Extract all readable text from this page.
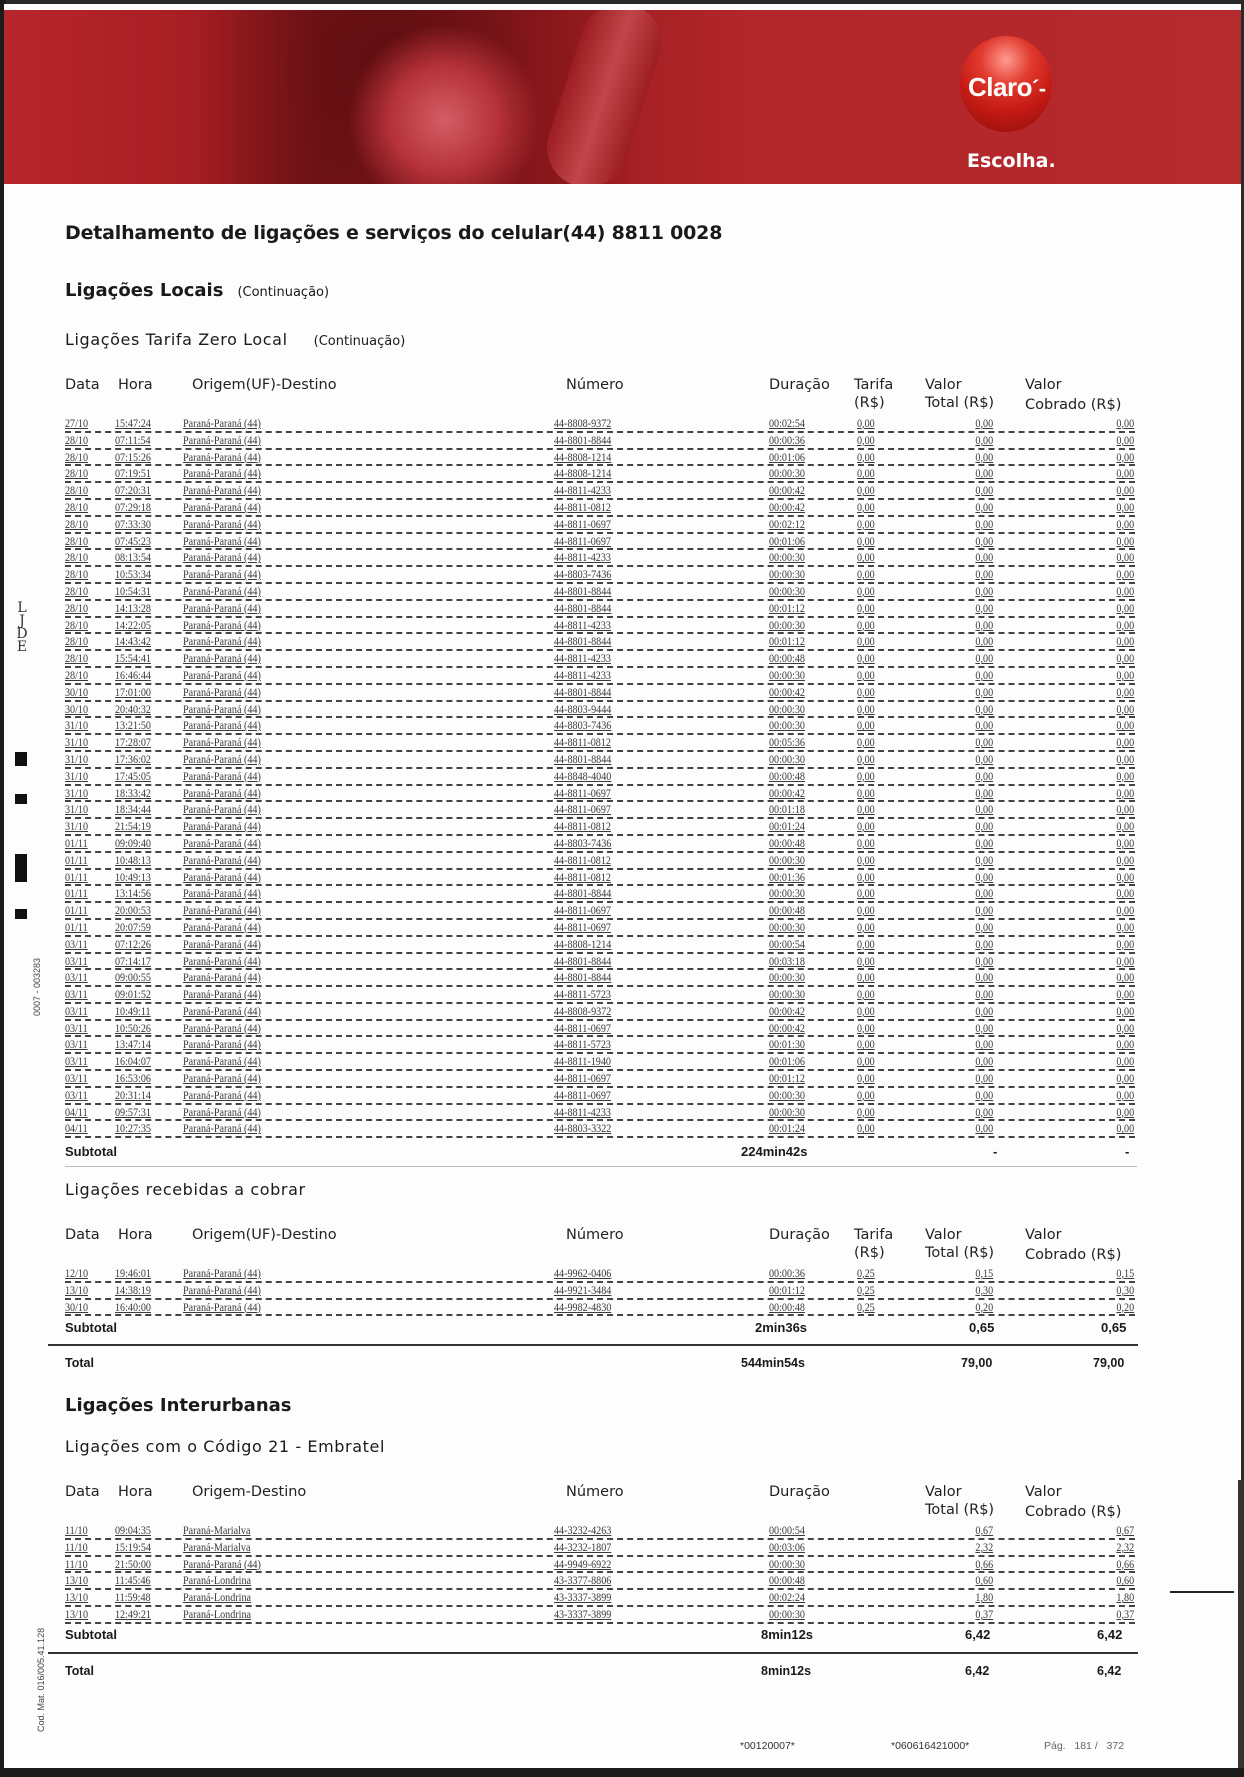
Claro´-
Escolha.
Detalhamento de ligações e serviços do celular(44) 8811 0028
Ligações Locais (Continuação)
Ligações Tarifa Zero Local (Continuação)
Data Hora	Origem(UF)-Destino	Número	Duração Tarifa
(R$)
Valor
Total (R$)
Valor
Cobrado (R$)
27/10 15:47:24	Paraná-Paraná (44)	44-8808-9372	00:02:54	0,00	0,00	0,00
28/10 07:11:54	Paraná-Paraná (44)	44-8801-8844	00:00:36	0,00	0,00	0,00
28/10 07:15:26	Paraná-Paraná (44)	44-8808-1214	00:01:06	0,00	0,00	0,00
28/10 07:19:51	Paraná-Paraná (44)	44-8808-1214	00:00:30	0,00	0,00	0,00
28/10 07:20:31	Paraná-Paraná (44)	44-8811-4233	00:00:42	0,00	0,00	0,00
28/10 07:29:18	Paraná-Paraná (44)	44-8811-0812	00:00:42	0,00	0,00	0,00
28/10 07:33:30	Paraná-Paraná (44)	44-8811-0697	00:02:12	0,00	0,00	0,00
28/10 07:45:23	Paraná-Paraná (44)	44-8811-0697	00:01:06	0,00	0,00	0,00
28/10 08:13:54	Paraná-Paraná (44)	44-8811-4233	00:00:30	0,00	0,00	0,00
28/10 10:53:34	Paraná-Paraná (44)	44-8803-7436	00:00:30	0,00	0,00	0,00
28/10 10:54:31	Paraná-Paraná (44)	44-8801-8844	00:00:30	0,00	0,00	0,00
28/10 14:13:28	Paraná-Paraná (44)	44-8801-8844	00:01:12	0,00	0,00	0,00
28/10 14:22:05	Paraná-Paraná (44)	44-8811-4233	00:00:30	0,00	0,00	0,00
28/10 14:43:42	Paraná-Paraná (44)	44-8801-8844	00:01:12	0,00	0,00	0,00
28/10 15:54:41	Paraná-Paraná (44)	44-8811-4233	00:00:48	0,00	0,00	0,00
28/10 16:46:44	Paraná-Paraná (44)	44-8811-4233	00:00:30	0,00	0,00	0,00
30/10 17:01:00	Paraná-Paraná (44)	44-8801-8844	00:00:42	0,00	0,00	0,00
30/10 20:40:32	Paraná-Paraná (44)	44-8803-9444	00:00:30	0,00	0,00	0,00
31/10 13:21:50	Paraná-Paraná (44)	44-8803-7436	00:00:30	0,00	0,00	0,00
31/10 17:28:07	Paraná-Paraná (44)	44-8811-0812	00:05:36	0,00	0,00	0,00
31/10 17:36:02	Paraná-Paraná (44)	44-8801-8844	00:00:30	0,00	0,00	0,00
31/10 17:45:05	Paraná-Paraná (44)	44-8848-4040	00:00:48	0,00	0,00	0,00
31/10 18:33:42	Paraná-Paraná (44)	44-8811-0697	00:00:42	0,00	0,00	0,00
31/10 18:34:44	Paraná-Paraná (44)	44-8811-0697	00:01:18	0,00	0,00	0,00
31/10 21:54:19	Paraná-Paraná (44)	44-8811-0812	00:01:24	0,00	0,00	0,00
01/11 09:09:40	Paraná-Paraná (44)	44-8803-7436	00:00:48	0,00	0,00	0,00
01/11 10:48:13	Paraná-Paraná (44)	44-8811-0812	00:00:30	0,00	0,00	0,00
01/11 10:49:13	Paraná-Paraná (44)	44-8811-0812	00:01:36	0,00	0,00	0,00
01/11 13:14:56	Paraná-Paraná (44)	44-8801-8844	00:00:30	0,00	0,00	0,00
01/11 20:00:53	Paraná-Paraná (44)	44-8811-0697	00:00:48	0,00	0,00	0,00
01/11 20:07:59	Paraná-Paraná (44)	44-8811-0697	00:00:30	0,00	0,00	0,00
03/11 07:12:26	Paraná-Paraná (44)	44-8808-1214	00:00:54	0,00	0,00	0,00
03/11 07:14:17	Paraná-Paraná (44)	44-8801-8844	00:03:18	0,00	0,00	0,00
03/11 09:00:55	Paraná-Paraná (44)	44-8801-8844	00:00:30	0,00	0,00	0,00
03/11 09:01:52	Paraná-Paraná (44)	44-8811-5723	00:00:30	0,00	0,00	0,00
03/11 10:49:11	Paraná-Paraná (44)	44-8808-9372	00:00:42	0,00	0,00	0,00
03/11 10:50:26	Paraná-Paraná (44)	44-8811-0697	00:00:42	0,00	0,00	0,00
03/11 13:47:14	Paraná-Paraná (44)	44-8811-5723	00:01:30	0,00	0,00	0,00
03/11 16:04:07	Paraná-Paraná (44)	44-8811-1940	00:01:06	0,00	0,00	0,00
03/11 16:53:06	Paraná-Paraná (44)	44-8811-0697	00:01:12	0,00	0,00	0,00
03/11 20:31:14	Paraná-Paraná (44)	44-8811-0697	00:00:30	0,00	0,00	0,00
04/11 09:57:31	Paraná-Paraná (44)	44-8811-4233	00:00:30	0,00	0,00	0,00
04/11 10:27:35	Paraná-Paraná (44)	44-8803-3322	00:01:24	0,00	0,00	0,00
Subtotal	224min42s	-	-
Ligações recebidas a cobrar
Data Hora	Origem(UF)-Destino	Número	Duração Tarifa
(R$)
Valor
Total (R$)
Valor
Cobrado (R$)
12/10 19:46:01	Paraná-Paraná (44)	44-9962-0406	00:00:36	0,25	0,15	0,15
13/10 14:38:19	Paraná-Paraná (44)	44-9921-3484	00:01:12	0,25	0,30	0,30
30/10 16:40:00	Paraná-Paraná (44)	44-9982-4830	00:00:48	0,25	0,20	0,20
Subtotal	2min36s	0,65	0,65
Total	544min54s	79,00	79,00
Ligações Interurbanas
Ligações com o Código 21 - Embratel
Data Hora	Origem-Destino	Número	Duração	Valor
Total (R$)
Valor
Cobrado (R$)
11/10 09:04:35	Paraná-Marialva	44-3232-4263	00:00:54	0,67	0,67
11/10 15:19:54	Paraná-Marialva	44-3232-1807	00:03:06	2,32	2,32
11/10 21:50:00	Paraná-Paraná (44)	44-9949-6922	00:00:30	0,66	0,66
13/10 11:45:46	Paraná-Londrina	43-3377-8806	00:00:48	0,60	0,60
13/10 11:59:48	Paraná-Londrina	43-3337-3899	00:02:24	1,80	1,80
13/10 12:49:21	Paraná-Londrina	43-3337-3899	00:00:30	0,37	0,37
Subtotal	8min12s	6,42	6,42
Total	8min12s	6,42	6,42
L
J
D
E
0007 - 003283
Cod. Mat. 016/005.41.128
*00120007*	*060616421000*	Pág. 181 / 372
